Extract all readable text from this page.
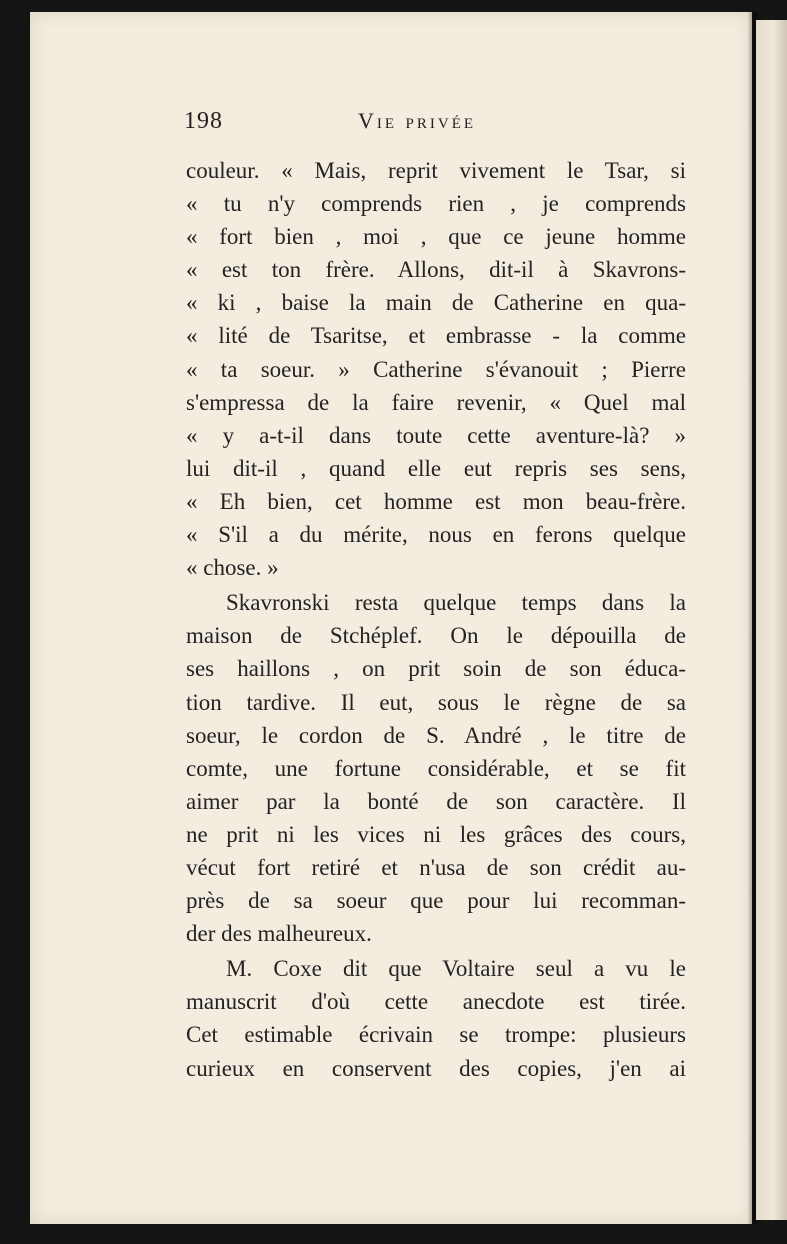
198	Vie privée
couleur. « Mais, reprit vivement le Tsar, si
« tu n'y comprends rien , je comprends
« fort bien , moi , que ce jeune homme
« est ton frère. Allons, dit-il à Skavrons-
« ki , baise la main de Catherine en qua-
« lité de Tsaritse, et embrasse - la comme
« ta soeur. » Catherine s'évanouit ; Pierre
s'empressa de la faire revenir, « Quel mal
« y a-t-il dans toute cette aventure-là? »
lui dit-il , quand elle eut repris ses sens,
« Eh bien, cet homme est mon beau-frère.
« S'il a du mérite, nous en ferons quelque
« chose. »
Skavronski resta quelque temps dans la
maison de Stchéplef. On le dépouilla de
ses haillons , on prit soin de son éduca-
tion tardive. Il eut, sous le règne de sa
soeur, le cordon de S. André , le titre de
comte, une fortune considérable, et se fit
aimer par la bonté de son caractère. Il
ne prit ni les vices ni les grâces des cours,
vécut fort retiré et n'usa de son crédit au-
près de sa soeur que pour lui recomman-
der des malheureux.
M. Coxe dit que Voltaire seul a vu le
manuscrit d'où cette anecdote est tirée.
Cet estimable écrivain se trompe: plusieurs
curieux en conservent des copies, j'en ai
